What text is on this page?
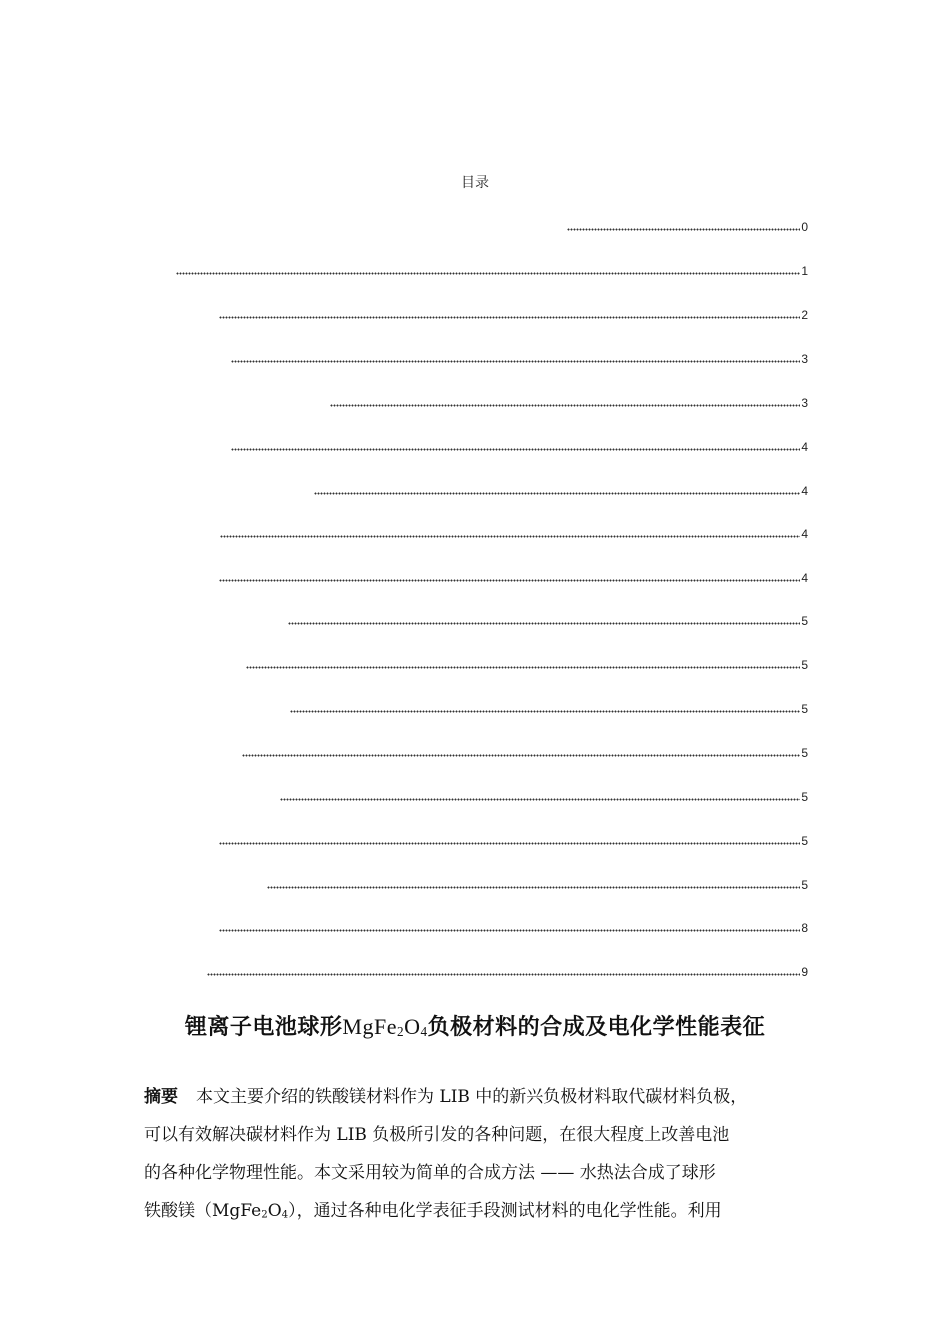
目录
0
1
2
3
3
4
4
4
4
5
5
5
5
5
5
5
8
9
锂离子电池球形$MgFe_2O_4$负极材料的合成及电化学性能表征
摘要 本文主要介绍的铁酸镁材料作为 LIB 中的新兴负极材料取代碳材料负极，
可以有效解决碳材料作为 LIB 负极所引发的各种问题，在很大程度上改善电池
的各种化学物理性能。本文采用较为简单的合成方法 —— 水热法合成了球形
铁酸镁$(MgFe_2O_4)$，通过各种电化学表征手段测试材料的电化学性能。利用
